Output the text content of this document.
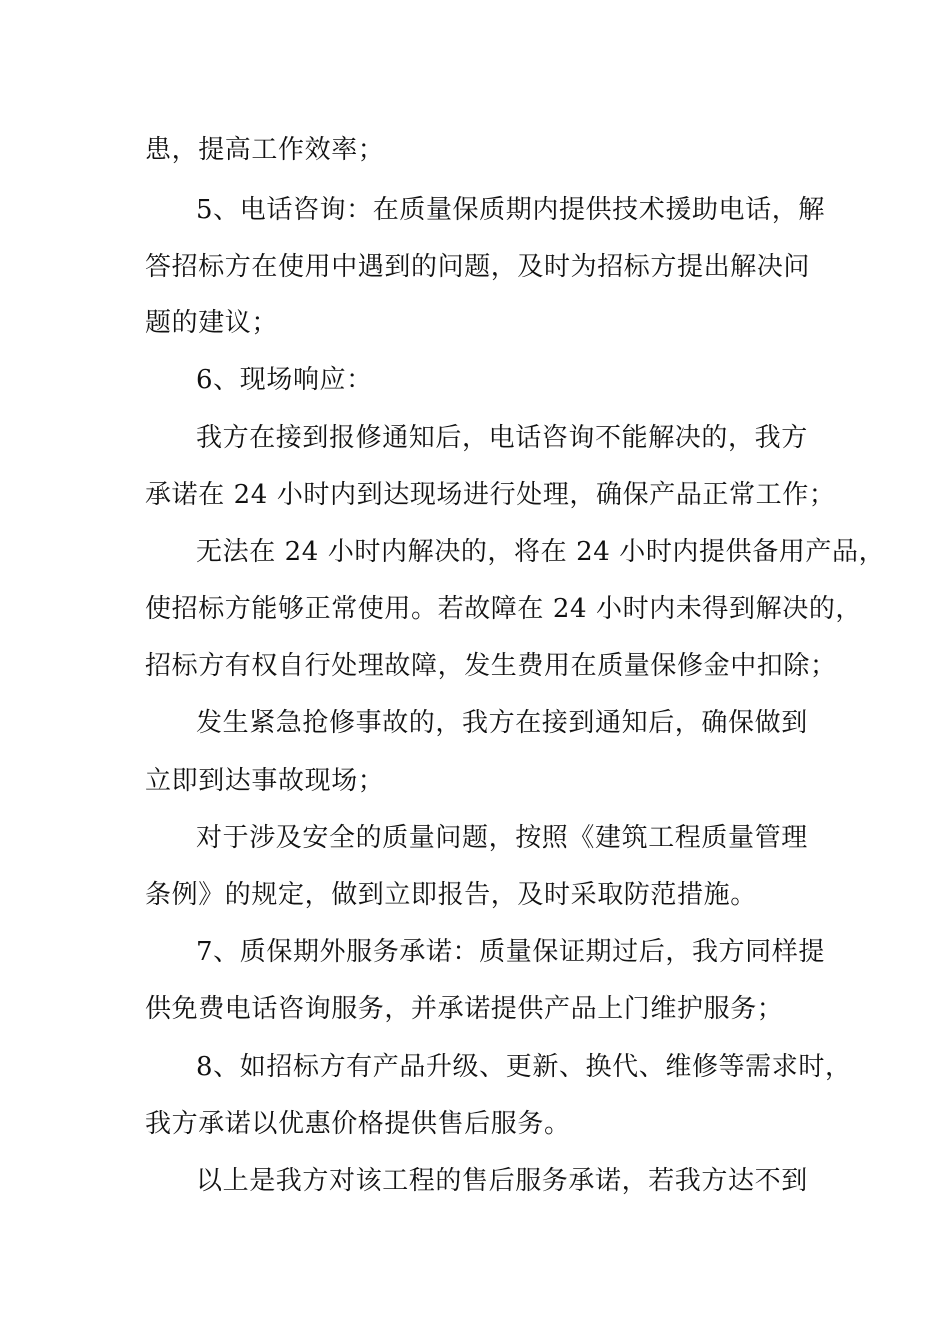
患，提高工作效率；
5、电话咨询：在质量保质期内提供技术援助电话，解
答招标方在使用中遇到的问题，及时为招标方提出解决问
题的建议；
6、现场响应：
我方在接到报修通知后，电话咨询不能解决的，我方
承诺在 24 小时内到达现场进行处理，确保产品正常工作；
无法在 24 小时内解决的，将在 24 小时内提供备用产品，
使招标方能够正常使用。若故障在 24 小时内未得到解决的，
招标方有权自行处理故障，发生费用在质量保修金中扣除；
发生紧急抢修事故的，我方在接到通知后，确保做到
立即到达事故现场；
对于涉及安全的质量问题，按照《建筑工程质量管理
条例》的规定，做到立即报告，及时采取防范措施。
7、质保期外服务承诺：质量保证期过后，我方同样提
供免费电话咨询服务，并承诺提供产品上门维护服务；
8、如招标方有产品升级、更新、换代、维修等需求时，
我方承诺以优惠价格提供售后服务。
以上是我方对该工程的售后服务承诺，若我方达不到
